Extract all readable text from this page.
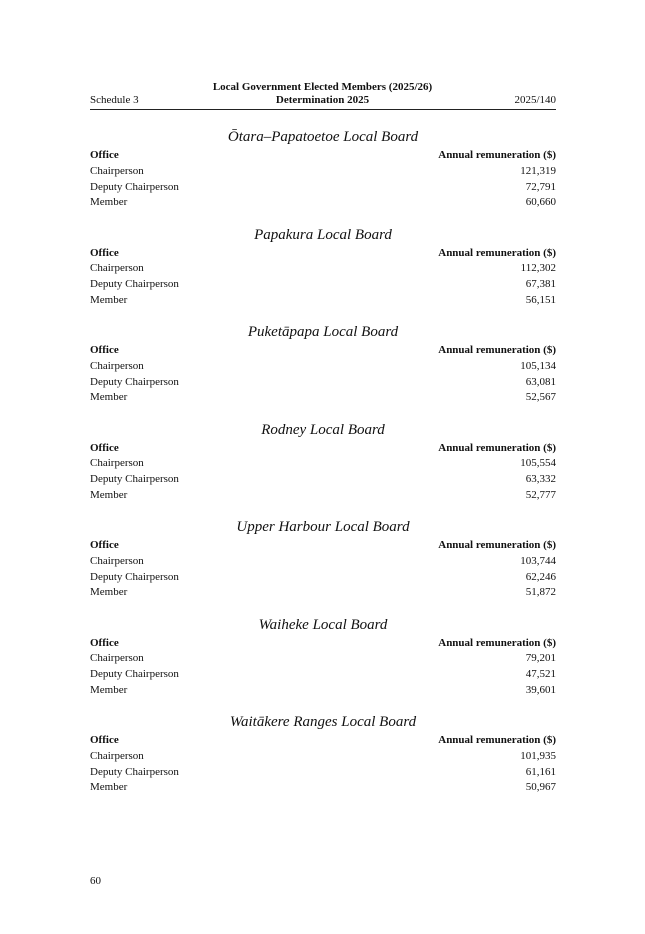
Schedule 3
Local Government Elected Members (2025/26)
Determination 2025	2025/140
Ōtara–Papatoetoe Local Board
Office	Annual remuneration ($)
Chairperson	121,319
Deputy Chairperson	72,791
Member	60,660
Papakura Local Board
Office	Annual remuneration ($)
Chairperson	112,302
Deputy Chairperson	67,381
Member	56,151
Puketāpapa Local Board
Office	Annual remuneration ($)
Chairperson	105,134
Deputy Chairperson	63,081
Member	52,567
Rodney Local Board
Office	Annual remuneration ($)
Chairperson	105,554
Deputy Chairperson	63,332
Member	52,777
Upper Harbour Local Board
Office	Annual remuneration ($)
Chairperson	103,744
Deputy Chairperson	62,246
Member	51,872
Waiheke Local Board
Office	Annual remuneration ($)
Chairperson	79,201
Deputy Chairperson	47,521
Member	39,601
Waitākere Ranges Local Board
Office	Annual remuneration ($)
Chairperson	101,935
Deputy Chairperson	61,161
Member	50,967
60
